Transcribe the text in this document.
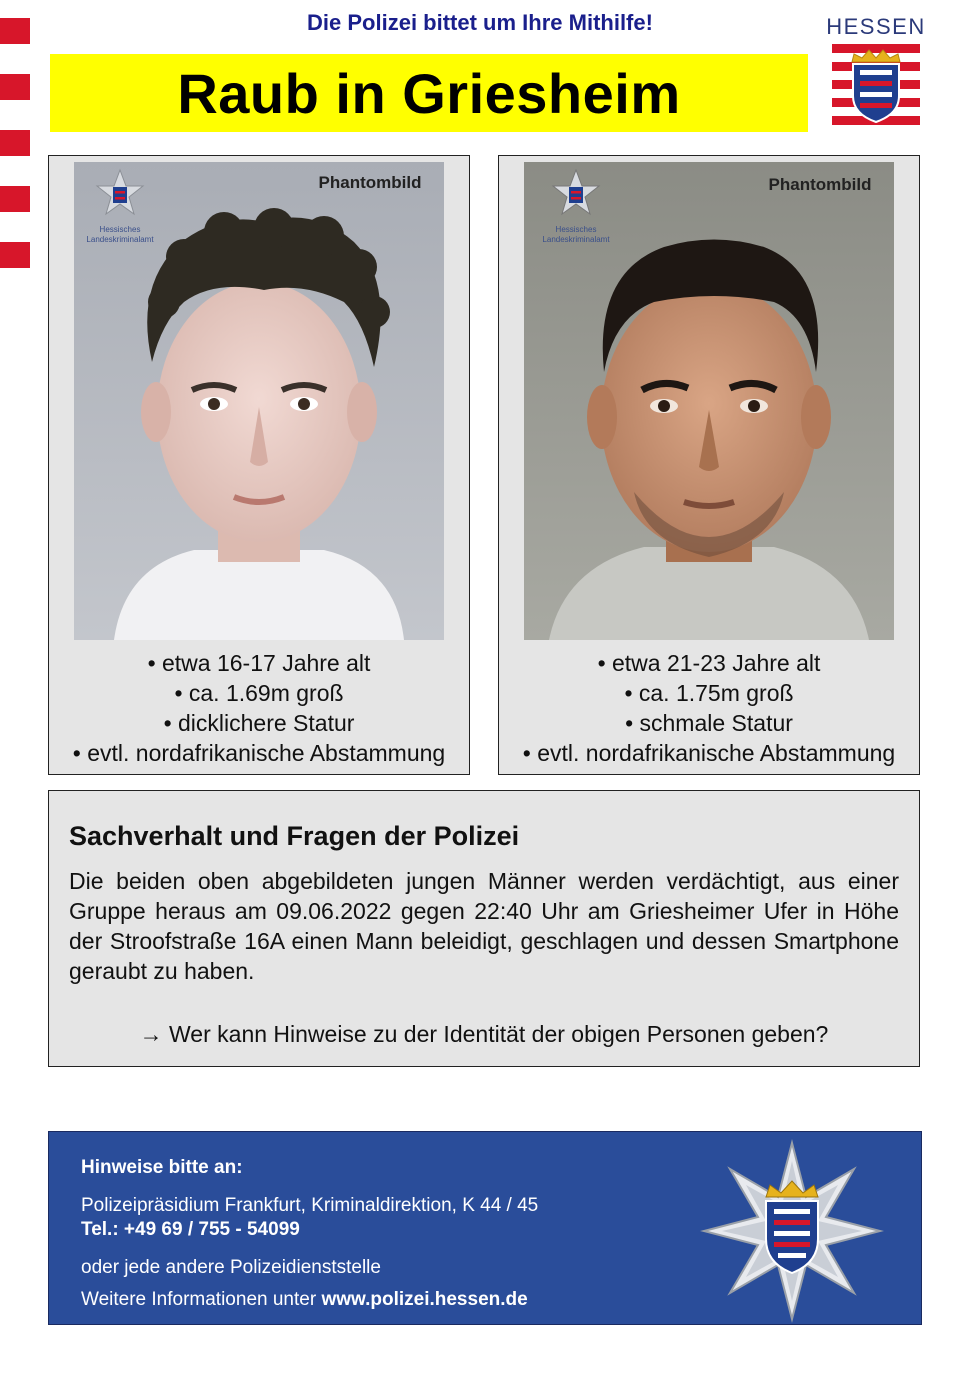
Die Polizei bittet um Ihre Mithilfe!
Raub in Griesheim
HESSEN
Hessisches
Landeskriminalamt
Phantombild
• etwa 16-17 Jahre alt
• ca. 1.69m groß
• dicklichere Statur
• evtl. nordafrikanische Abstammung
Hessisches
Landeskriminalamt
Phantombild
• etwa 21-23 Jahre alt
• ca. 1.75m groß
• schmale Statur
• evtl. nordafrikanische Abstammung
Sachverhalt und Fragen der Polizei

Die beiden oben abgebildeten jungen Männer werden verdächtigt, aus einer Gruppe heraus am 09.06.2022 gegen 22:40 Uhr am Griesheimer Ufer in Höhe der Stroofstraße 16A einen Mann beleidigt, geschlagen und dessen Smartphone geraubt zu haben.

→ Wer kann Hinweise zu der Identität der obigen Personen geben?
Hinweise bitte an:
Polizeipräsidium Frankfurt, Kriminaldirektion, K 44 / 45
Tel.: +49 69 / 755 - 54099
oder jede andere Polizeidienststelle
Weitere Informationen unter www.polizei.hessen.de
